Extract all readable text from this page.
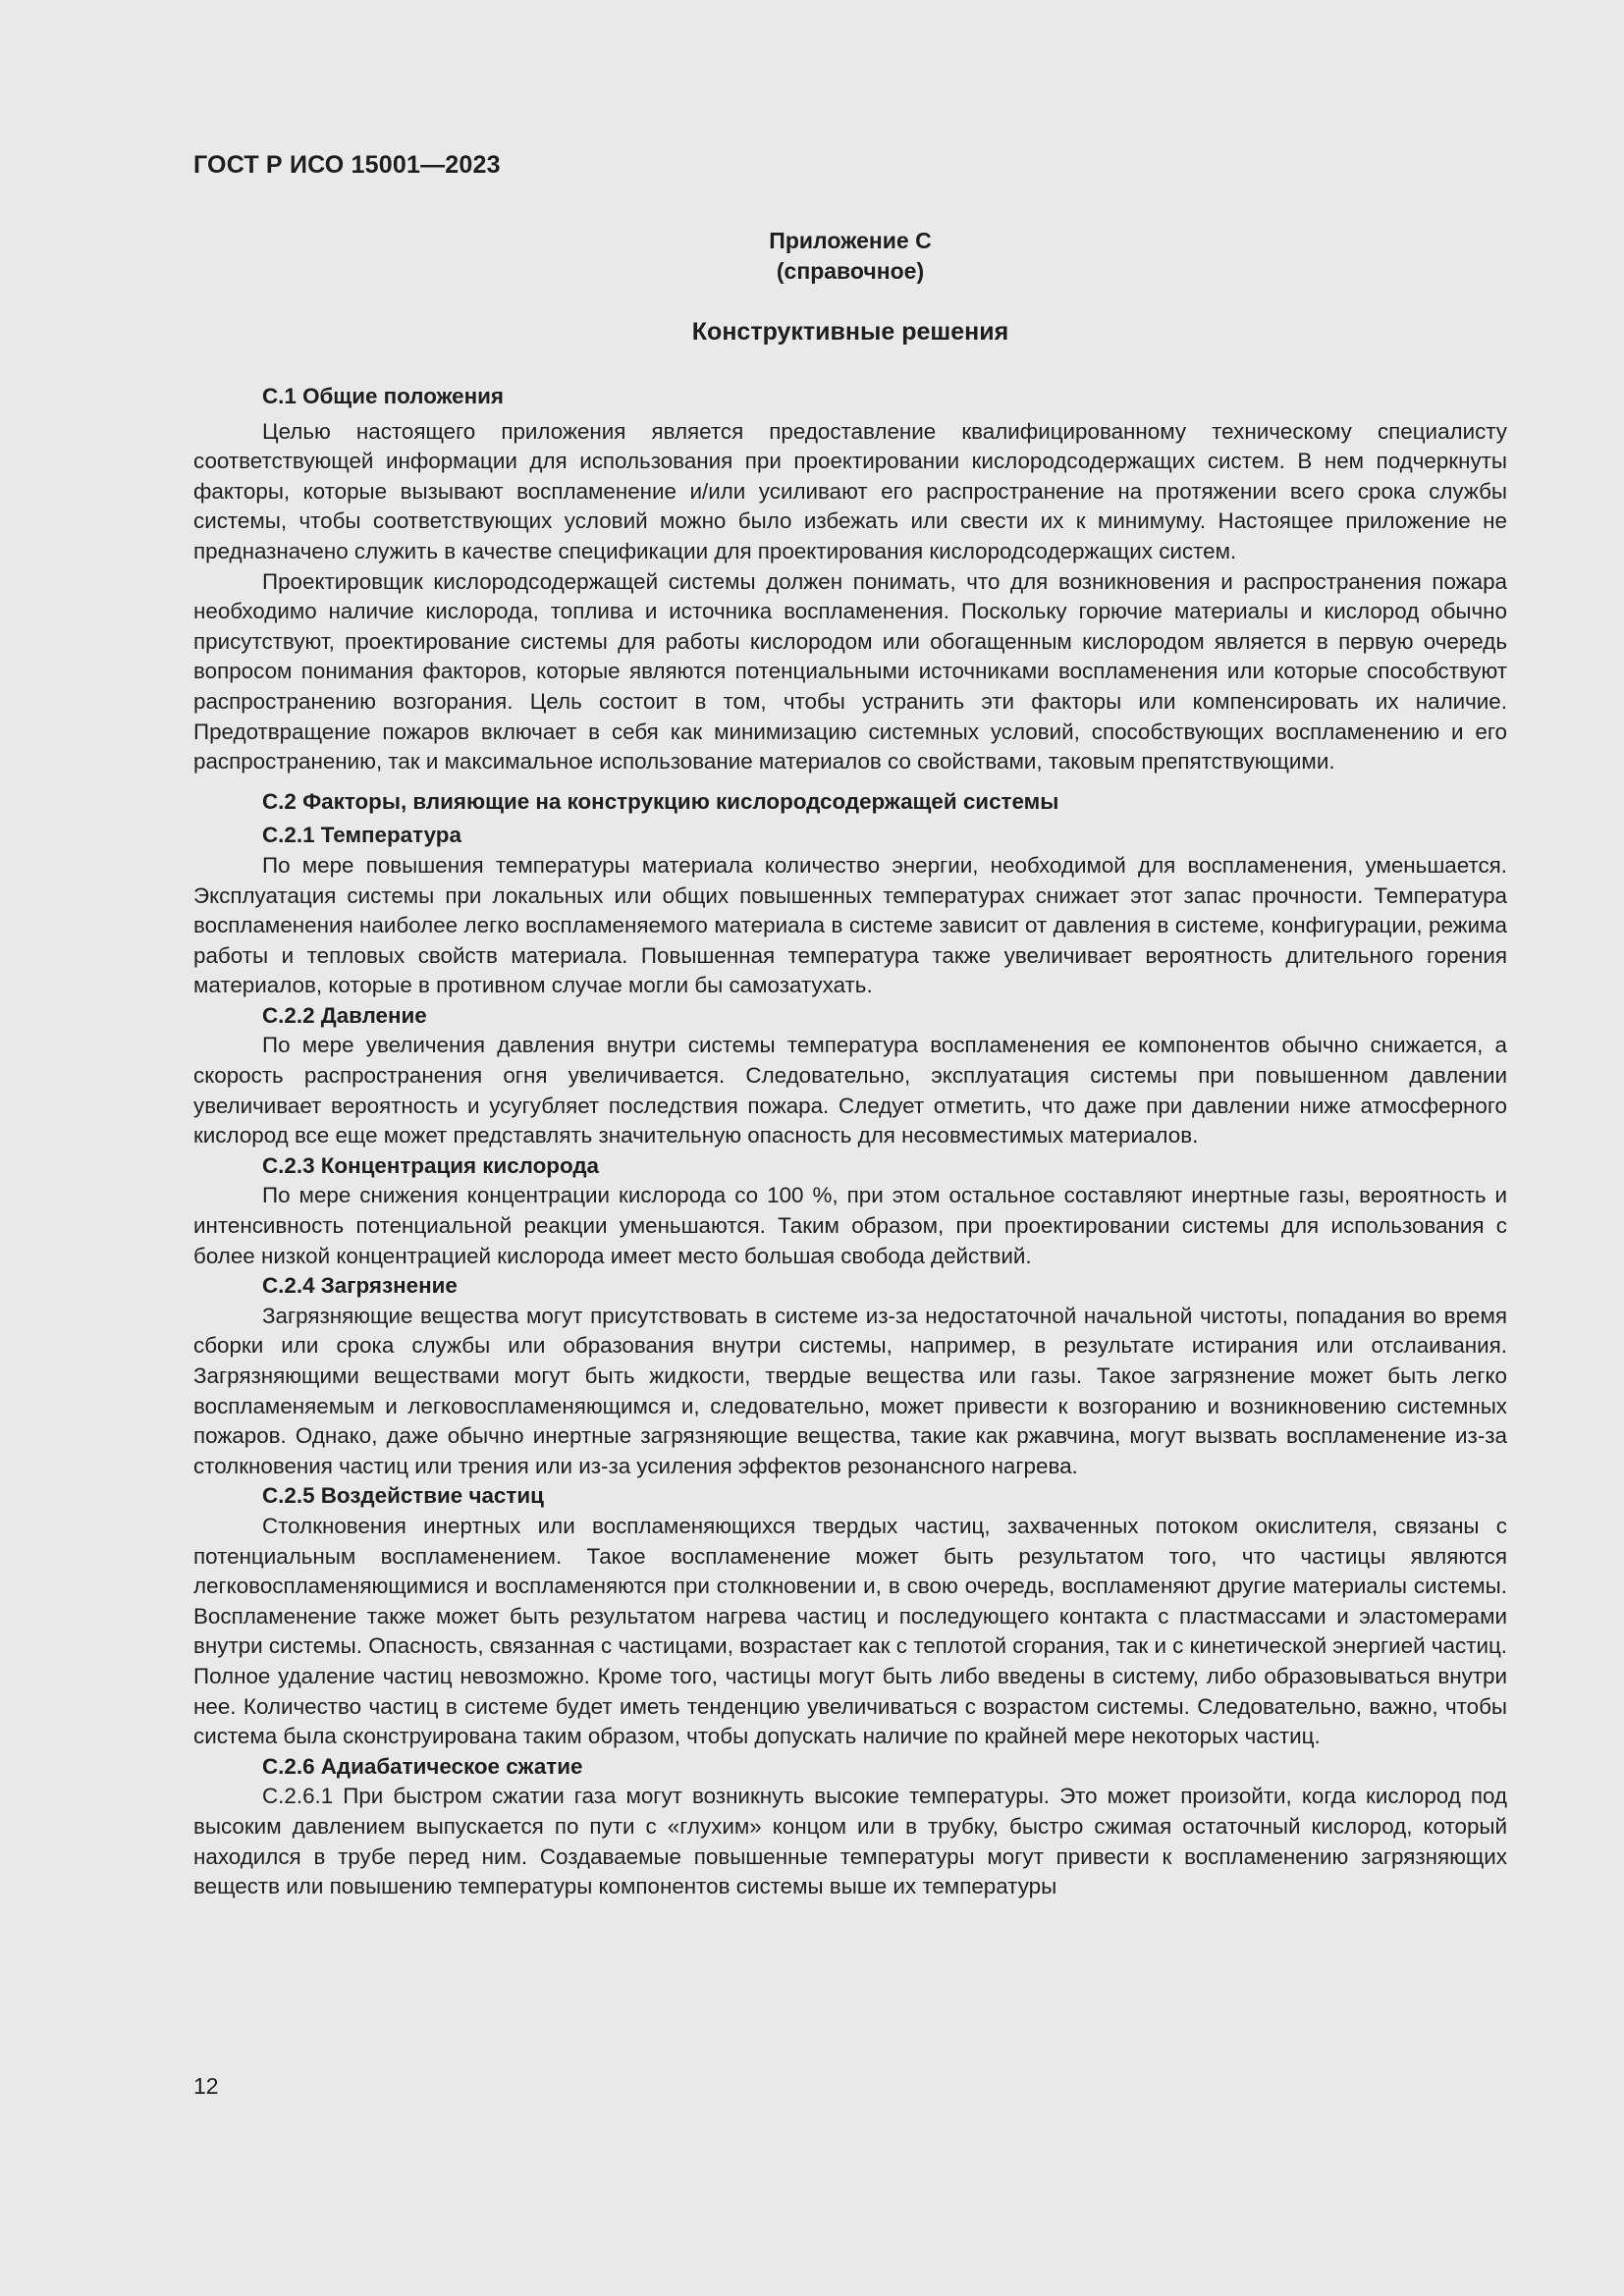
ГОСТ Р ИСО 15001—2023
Приложение С
(справочное)
Конструктивные решения
С.1 Общие положения

Целью настоящего приложения является предоставление квалифицированному техническому специалисту соответствующей информации для использования при проектировании кислородсодержащих систем. В нем подчеркнуты факторы, которые вызывают воспламенение и/или усиливают его распространение на протяжении всего срока службы системы, чтобы соответствующих условий можно было избежать или свести их к минимуму. Настоящее приложение не предназначено служить в качестве спецификации для проектирования кислородсодержащих систем.

Проектировщик кислородсодержащей системы должен понимать, что для возникновения и распространения пожара необходимо наличие кислорода, топлива и источника воспламенения. Поскольку горючие материалы и кислород обычно присутствуют, проектирование системы для работы кислородом или обогащенным кислородом является в первую очередь вопросом понимания факторов, которые являются потенциальными источниками воспламенения или которые способствуют распространению возгорания. Цель состоит в том, чтобы устранить эти факторы или компенсировать их наличие. Предотвращение пожаров включает в себя как минимизацию системных условий, способствующих воспламенению и его распространению, так и максимальное использование материалов со свойствами, таковым препятствующими.

С.2 Факторы, влияющие на конструкцию кислородсодержащей системы
С.2.1 Температура

По мере повышения температуры материала количество энергии, необходимой для воспламенения, уменьшается. Эксплуатация системы при локальных или общих повышенных температурах снижает этот запас прочности. Температура воспламенения наиболее легко воспламеняемого материала в системе зависит от давления в системе, конфигурации, режима работы и тепловых свойств материала. Повышенная температура также увеличивает вероятность длительного горения материалов, которые в противном случае могли бы самозатухать.

С.2.2 Давление

По мере увеличения давления внутри системы температура воспламенения ее компонентов обычно снижается, а скорость распространения огня увеличивается. Следовательно, эксплуатация системы при повышенном давлении увеличивает вероятность и усугубляет последствия пожара. Следует отметить, что даже при давлении ниже атмосферного кислород все еще может представлять значительную опасность для несовместимых материалов.

С.2.3 Концентрация кислорода

По мере снижения концентрации кислорода со 100 %, при этом остальное составляют инертные газы, вероятность и интенсивность потенциальной реакции уменьшаются. Таким образом, при проектировании системы для использования с более низкой концентрацией кислорода имеет место большая свобода действий.

С.2.4 Загрязнение

Загрязняющие вещества могут присутствовать в системе из-за недостаточной начальной чистоты, попадания во время сборки или срока службы или образования внутри системы, например, в результате истирания или отслаивания. Загрязняющими веществами могут быть жидкости, твердые вещества или газы. Такое загрязнение может быть легко воспламеняемым и легковоспламеняющимся и, следовательно, может привести к возгоранию и возникновению системных пожаров. Однако, даже обычно инертные загрязняющие вещества, такие как ржавчина, могут вызвать воспламенение из-за столкновения частиц или трения или из-за усиления эффектов резонансного нагрева.

С.2.5 Воздействие частиц

Столкновения инертных или воспламеняющихся твердых частиц, захваченных потоком окислителя, связаны с потенциальным воспламенением. Такое воспламенение может быть результатом того, что частицы являются легковоспламеняющимися и воспламеняются при столкновении и, в свою очередь, воспламеняют другие материалы системы. Воспламенение также может быть результатом нагрева частиц и последующего контакта с пластмассами и эластомерами внутри системы. Опасность, связанная с частицами, возрастает как с теплотой сгорания, так и с кинетической энергией частиц. Полное удаление частиц невозможно. Кроме того, частицы могут быть либо введены в систему, либо образовываться внутри нее. Количество частиц в системе будет иметь тенденцию увеличиваться с возрастом системы. Следовательно, важно, чтобы система была сконструирована таким образом, чтобы допускать наличие по крайней мере некоторых частиц.

С.2.6 Адиабатическое сжатие

С.2.6.1 При быстром сжатии газа могут возникнуть высокие температуры. Это может произойти, когда кислород под высоким давлением выпускается по пути с «глухим» концом или в трубку, быстро сжимая остаточный кислород, который находился в трубе перед ним. Создаваемые повышенные температуры могут привести к воспламенению загрязняющих веществ или повышению температуры компонентов системы выше их температуры

12
